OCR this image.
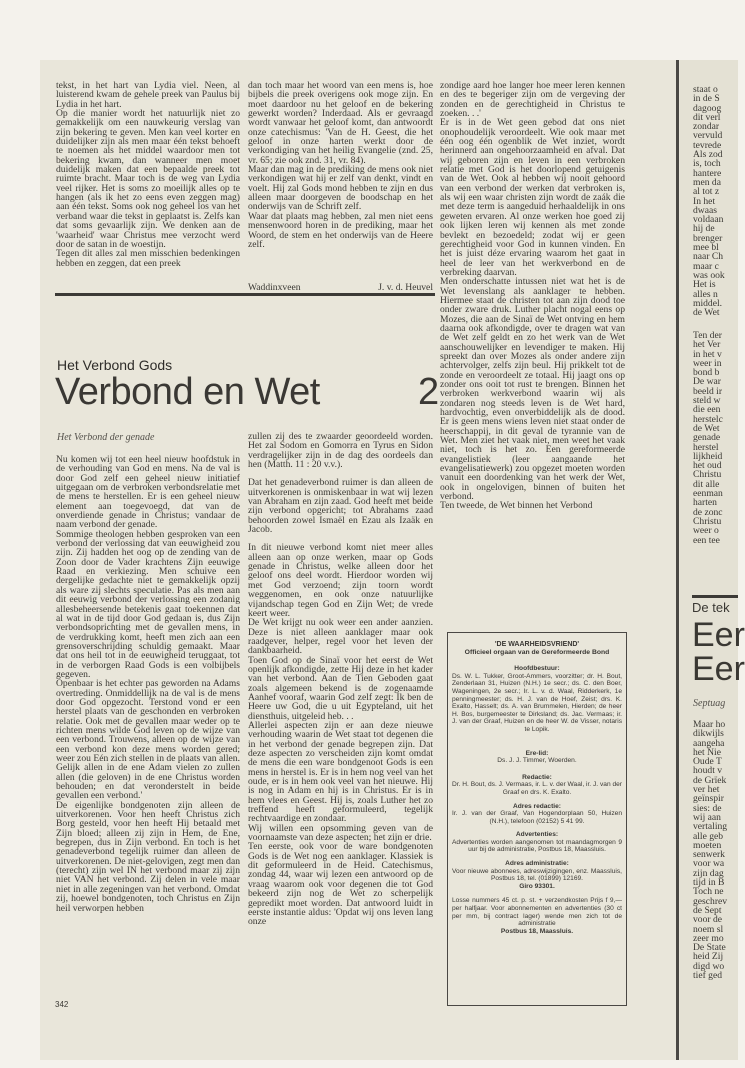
tekst, in het hart van Lydia viel. Neen, al luisterend kwam de gehele preek van Paulus bij Lydia in het hart.

Op die manier wordt het natuurlijk niet zo gemakkelijk om een nauwkeurig verslag van zijn bekering te geven. Men kan veel korter en duidelijker zijn als men maar één tekst behoeft te noemen als het middel waardoor men tot bekering kwam, dan wanneer men moet duidelijk maken dat een bepaalde preek tot ruimte bracht. Maar toch is de weg van Lydia veel rijker. Het is soms zo moeilijk alles op te hangen (als ik het zo eens even zeggen mag) aan één tekst. Soms ook nog geheel los van het verband waar die tekst in geplaatst is. Zelfs kan dat soms gevaarlijk zijn. We denken aan de 'waarheid' waar Christus mee verzocht werd door de satan in de woestijn.

Tegen dit alles zal men misschien bedenkingen hebben en zeggen, dat een preek

dan toch maar het woord van een mens is, hoe bijbels die preek overigens ook moge zijn. En moet daardoor nu het geloof en de bekering gewerkt worden? Inderdaad. Als er gevraagd wordt vanwaar het geloof komt, dan antwoordt onze catechismus: 'Van de H. Geest, die het geloof in onze harten werkt door de verkondiging van het heilig Evangelie (znd. 25, vr. 65; zie ook znd. 31, vr. 84).

Maar dan mag in de prediking de mens ook niet verkondigen wat hij er zelf van denkt, vindt en voelt. Hij zal Gods mond hebben te zijn en dus alleen maar doorgeven de boodschap en het onderwijs van de Schrift zelf.

Waar dat plaats mag hebben, zal men niet eens mensenwoord horen in de prediking, maar het Woord, de stem en het onderwijs van de Heere zelf.

Waddinxveen	J. v. d. Heuvel

zondige aard hoe langer hoe meer leren kennen en des te begeriger zijn om de vergeving der zonden en de gerechtigheid in Christus te zoeken. . .'

Er is in de Wet geen gebod dat ons niet onophoudelijk veroordeelt. Wie ook maar met één oog één ogenblik de Wet inziet, wordt herinnerd aan ongehoorzaamheid en afval. Dat wij geboren zijn en leven in een verbroken relatie met God is het doorlopend getuigenis van de Wet. Ook al hebben wij nooit gehoord van een verbond der werken dat verbroken is, als wij een waar christen zijn wordt de zaák die met deze term is aangeduid herhaaldelijk in ons geweten ervaren. Al onze werken hoe goed zij ook lijken leren wij kennen als met zonde bevlekt en bezoedeld; zodat wij er geen gerechtigheid voor God in kunnen vinden. En het is juist déze ervaring waarom het gaat in heel de leer van het werkverbond en de verbreking daarvan.

Men onderschatte intussen niet wat het is de Wet levenslang als aanklager te hebben. Hiermee staat de christen tot aan zijn dood toe onder zware druk. Luther placht nogal eens op Mozes, die aan de Sinaï de Wet ontving en hem daarna ook afkondigde, over te dragen wat van de Wet zelf geldt en zo het werk van de Wet aanschouwelijker en levendiger te maken. Hij spreekt dan over Mozes als onder andere zijn achtervolger, zelfs zijn beul. Hij prikkelt tot de zonde en veroordeelt ze totaal. Hij jaagt ons op zonder ons ooit tot rust te brengen. Binnen het verbroken werkverbond waarin wij als zondaren nog steeds leven is de Wet hard, hardvochtig, even onverbiddelijk als de dood. Er is geen mens wiens leven niet staat onder de heerschappij, in dit geval de tyrannie van de Wet. Men ziet het vaak niet, men weet het vaak niet, toch is het zo. Een gereformeerde evangelistiek (leer aangaande het evangelisatiewerk) zou opgezet moeten worden vanuit een doordenking van het werk der Wet, ook in ongelovigen, binnen of buiten het verbond.

Ten tweede, de Wet binnen het Verbond

Het Verbond Gods
Verbond en Wet	2
Het Verbond der genade

Nu komen wij tot een heel nieuw hoofdstuk in de verhouding van God en mens. Na de val is door God zelf een geheel nieuw initiatief uitgegaan om de verbroken verbondsrelatie met de mens te herstellen. Er is een geheel nieuw element aan toegevoegd, dat van de onverdiende genade in Christus; vandaar de naam verbond der genade.

Sommige theologen hebben gesproken van een verbond der verlossing dat van eeuwigheid zou zijn. Zij hadden het oog op de zending van de Zoon door de Vader krachtens Zijn eeuwige Raad en verkiezing. Men schuive een dergelijke gedachte niet te gemakkelijk opzij als ware zij slechts speculatie. Pas als men aan dit eeuwig verbond der verlossing een zodanig allesbeheersende betekenis gaat toekennen dat al wat in de tijd door God gedaan is, dus Zijn verbondsoprichting met de gevallen mens, in de verdrukking komt, heeft men zich aan een grensoverschrijding schuldig gemaakt. Maar dat ons heil tot in de eeuwigheid teruggaat, tot in de verborgen Raad Gods is een volbijbels gegeven.

Openbaar is het echter pas geworden na Adams overtreding. Onmiddellijk na de val is de mens door God opgezocht. Terstond vond er een herstel plaats van de geschonden en verbroken relatie. Ook met de gevallen maar weder op te richten mens wilde God leven op de wijze van een verbond. Trouwens, alleen op de wijze van een verbond kon deze mens worden gered; weer zou Eén zich stellen in de plaats van allen. Gelijk allen in de ene Adam vielen zo zullen allen (die geloven) in de ene Christus worden behouden; en dat veronderstelt in beide gevallen een verbond.'

De eigenlijke bondgenoten zijn alleen de uitverkorenen. Voor hen heeft Christus zich Borg gesteld, voor hen heeft Hij betaald met Zijn bloed; alleen zij zijn in Hem, de Ene, begrepen, dus in Zijn verbond. En toch is het genadeverbond tegelijk ruimer dan alleen de uitverkorenen. De niet-gelovigen, zegt men dan (terecht) zijn wel IN het verbond maar zij zijn niet VAN het verbond. Zij delen in vele maar niet in alle zegeningen van het verbond. Omdat zij, hoewel bondgenoten, toch Christus en Zijn heil verworpen hebben

zullen zij des te zwaarder geoordeeld worden. Het zal Sodom en Gomorra en Tyrus en Sidon verdragelijker zijn in de dag des oordeels dan hen (Matth. 11 : 20 v.v.).

Dat het genadeverbond ruimer is dan alleen de uitverkorenen is onmiskenbaar in wat wij lezen van Abraham en zijn zaad. God heeft met beide zijn verbond opgericht; tot Abrahams zaad behoorden zowel Ismaël en Ezau als Izaäk en Jacob.

In dit nieuwe verbond komt niet meer alles alleen aan op onze werken, maar op Gods genade in Christus, welke alleen door het geloof ons deel wordt. Hierdoor worden wij met God verzoend; zijn toorn wordt weggenomen, en ook onze natuurlijke vijandschap tegen God en Zijn Wet; de vrede keert weer.

De Wet krijgt nu ook weer een ander aanzien. Deze is niet alleen aanklager maar ook raadgever, helper, regel voor het leven der dankbaarheid.

Toen God op de Sinaï voor het eerst de Wet openlijk afkondigde, zette Hij deze in het kader van het verbond. Aan de Tien Geboden gaat zoals algemeen bekend is de zogenaamde Aanhef vooraf, waarin God zelf zegt: Ik ben de Heere uw God, die u uit Egypteland, uit het diensthuis, uitgeleid heb. . .

Allerlei aspecten zijn er aan deze nieuwe verhouding waarin de Wet staat tot degenen die in het verbond der genade begrepen zijn. Dat deze aspecten zo verscheiden zijn komt omdat de mens die een ware bondgenoot Gods is een mens in herstel is. Er is in hem nog veel van het oude, er is in hem ook veel van het nieuwe. Hij is nog in Adam en hij is in Christus. Er is in hem vlees en Geest. Hij is, zoals Luther het zo treffend heeft geformuleerd, tegelijk rechtvaardige en zondaar.

Wij willen een opsomming geven van de voornaamste van deze aspecten; het zijn er drie.

Ten eerste, ook voor de ware bondgenoten Gods is de Wet nog een aanklager. Klassiek is dit geformuleerd in de Heid. Catechismus, zondag 44, waar wij lezen een antwoord op de vraag waarom ook voor degenen die tot God bekeerd zijn nog de Wet zo scherpelijk gepredikt moet worden. Dat antwoord luidt in eerste instantie aldus: 'Opdat wij ons leven lang onze

'DE WAARHEIDSVRIEND'
Officieel orgaan van de Gereformeerde Bond
Hoofdbestuur:
Ds. W. L. Tukker, Groot-Ammers, voorzitter; dr. H. Bout, Zenderlaan 31, Huizen (N.H.) 1e secr.; ds. C. den Boer, Wageningen, 2e secr.; Ir. L. v. d. Waal, Ridderkerk, 1e penningmeester; ds. H. J. van de Hoef, Zeist; drs. K. Exalto, Hasselt; ds. A. van Brummelen, Hierden; de heer H. Bos, burgemeester te Dirksland; ds. Jac. Vermaas; ir. J. van der Graaf, Huizen en de heer W. de Visser, notaris te Lopik.
Ere-lid:
Ds. J. J. Timmer, Woerden.
Redactie:
Dr. H. Bout, ds. J. Vermaas, ir. L. v. der Waal, ir. J. van der Graaf en drs. K. Exalto.
Adres redactie:
Ir. J. van der Graaf, Van Hogendorplaan 50, Huizen (N.H.), telefoon (02152) 5 41 99.
Advertenties:
Advertenties worden aangenomen tot maandagmorgen 9 uur bij de administratie, Postbus 18, Maassluis.
Adres administratie:
Voor nieuwe abonnees, adreswijzigingen, enz. Maassluis, Postbus 18, tel. (01899) 12169.
Giro 93301.
Losse nummers 45 ct. p. st. + verzendkosten Prijs f 9,— per halfjaar. Voor abonnementen en advertenties (30 ct per mm, bij contract lager) wende men zich tot de administratie
Postbus 18, Maassluis.
342
staat o
in de S
dagoog
dit verl
zondar
vervuld
tevrede
Als zod
is, toch
hantere
men da
al tot z
In het
dwaas
voldaan
hij de
brenger
mee bl
naar Ch
maar c
was ook
Het is
alles n
middel.
de Wet
Ten der
het Ver
in het v
weer in
bond b
De war
beeld ir
steld w
die een
herstelc
de Wet
genade
herstel
lijkheid
het oud
Christu
dit alle
eenman
harten
de zonc
Christu
weer o
een tee
De tek
Eer
Eer
Septuag
Maar ho
dikwijls
aangeha
het Nie
Oude T
houdt v
de Grïek
ver het
geïnspir
sies: de
wij aan
vertaling
alle geb
moeten
senwerk
voor wa
zijn dag
tijd in B
Toch ne
geschrev
de Sept
voor de
noem sl
zeer mo
De State
heid Zij
digd wo
tief ged
